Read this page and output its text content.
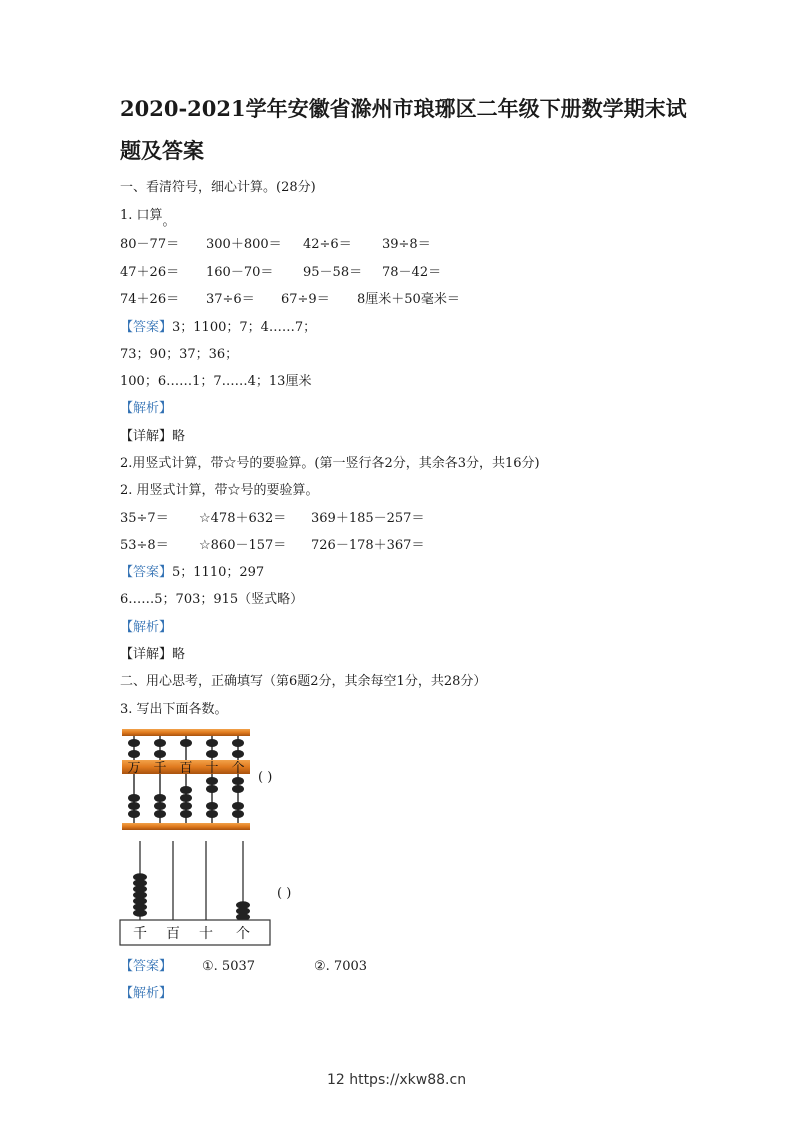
2020-2021学年安徽省滁州市琅琊区二年级下册数学期末试
题及答案
一、看清符号，细心计算。(28分)
1. 口算。
80－77＝ 300＋800＝ 42÷6＝ 39÷8＝
47＋26＝ 160－70＝ 95－58＝ 78－42＝
74＋26＝ 37÷6＝ 67÷9＝ 8厘米＋50毫米＝
【答案】3；1100；7；4……7；
73；90；37；36；
100；6……1；7……4；13厘米
【解析】
【详解】略
2.用竖式计算，带☆号的要验算。(第一竖行各2分，其余各3分，共16分)
2. 用竖式计算，带☆号的要验算。
35÷7＝ ☆478＋632＝ 369＋185－257＝
53÷8＝ ☆860－157＝ 726－178＋367＝
【答案】5；1110；297
6……5；703；915（竖式略）
【解析】
【详解】略
二、用心思考，正确填写（第6题2分，其余每空1分，共28分）
3. 写出下面各数。
万 千 百 十 个
( )
千 百 十 个
( )
【答案】 ①. 5037	②. 7003
【解析】
12 https://xkw88.cn
